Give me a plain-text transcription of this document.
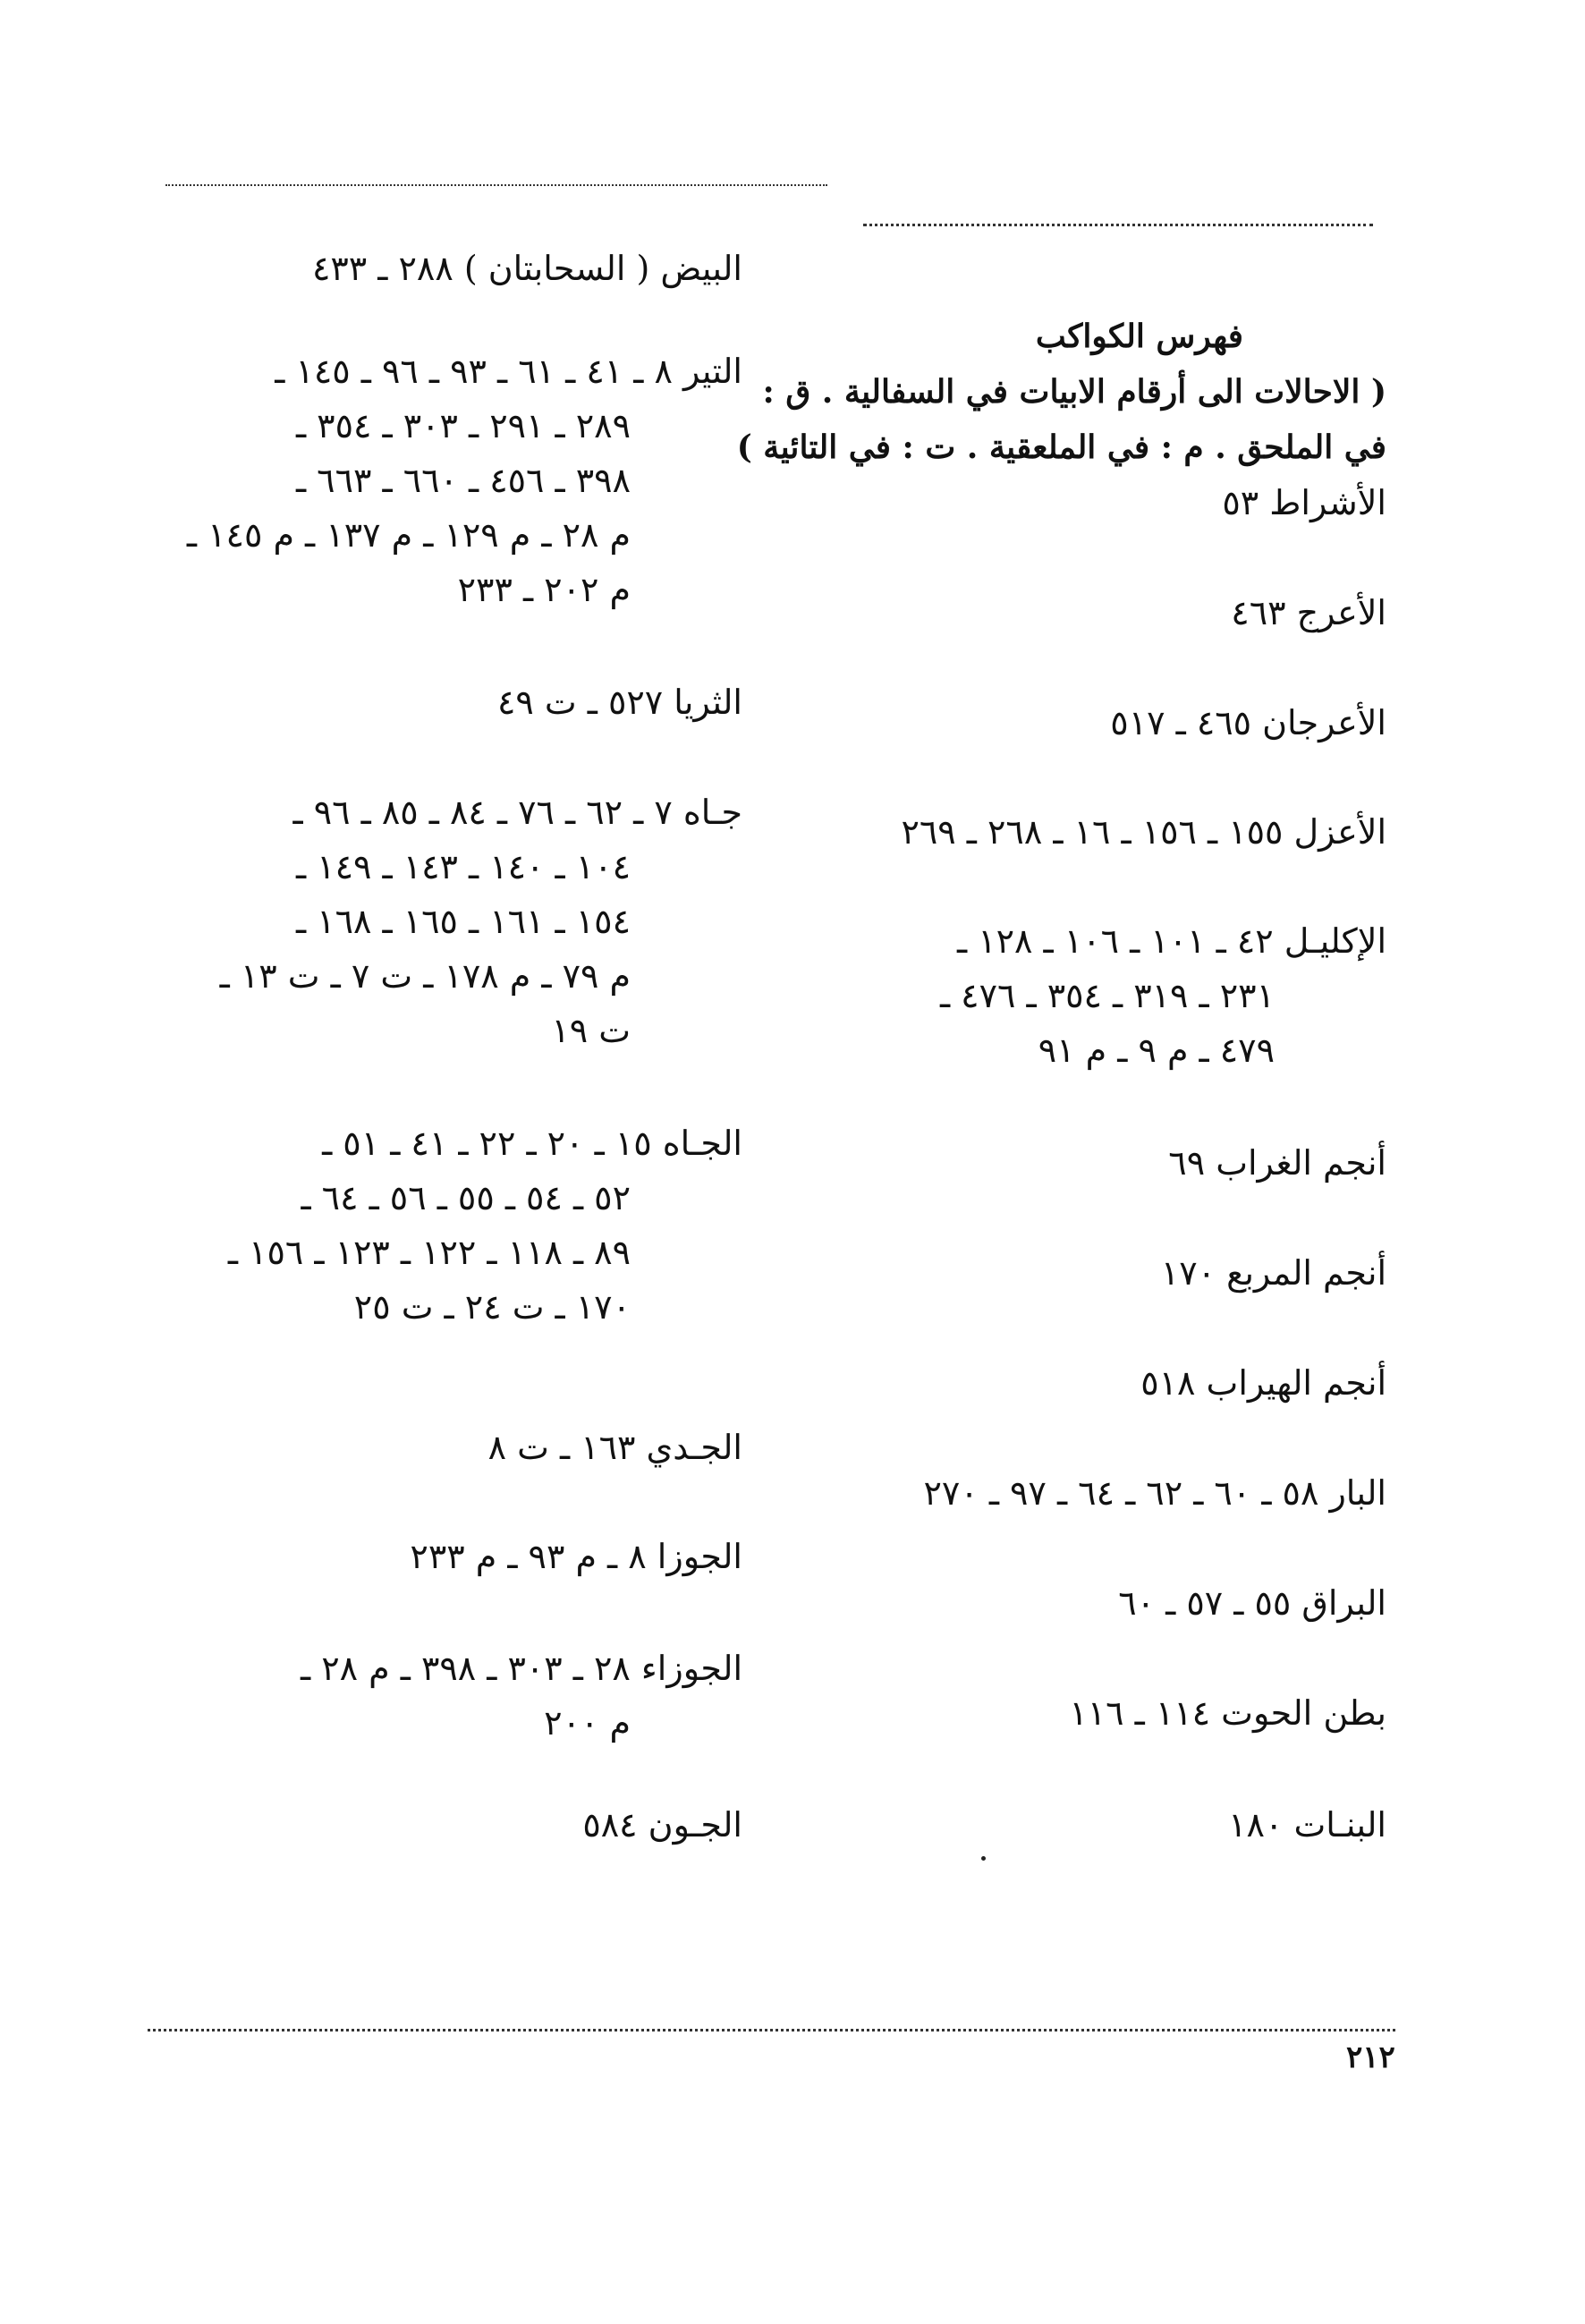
فهرس الكواكب
( الاحالات الى أرقام الابيات في السفالية . ق :
في الملحق . م : في الملعقية . ت : في التائية )
الأشراط ٥٣
الأعرج ٤٦٣
الأعرجان ٤٦٥ ـ ٥١٧
الأعزل ١٥٥ ـ ١٥٦ ـ ١٦ ـ ٢٦٨ ـ ٢٦٩
الإكليـل ٤٢ ـ ١٠١ ـ ١٠٦ ـ ١٢٨ ـ
٢٣١ ـ ٣١٩ ـ ٣٥٤ ـ ٤٧٦ ـ
٤٧٩ ـ م ٩ ـ م ٩١
أنجم الغراب ٦٩
أنجم المربع ١٧٠
أنجم الهيراب ٥١٨
البار ٥٨ ـ ٦٠ ـ ٦٢ ـ ٦٤ ـ ٩٧ ـ ٢٧٠
البراق ٥٥ ـ ٥٧ ـ ٦٠
بطن الحوت ١١٤ ـ ١١٦
البنـات ١٨٠
البيض ( السحابتان ) ٢٨٨ ـ ٤٣٣
التير ٨ ـ ٤١ ـ ٦١ ـ ٩٣ ـ ٩٦ ـ ١٤٥ ـ
٢٨٩ ـ ٢٩١ ـ ٣٠٣ ـ ٣٥٤ ـ
٣٩٨ ـ ٤٥٦ ـ ٦٦٠ ـ ٦٦٣ ـ
م ٢٨ ـ م ١٢٩ ـ م ١٣٧ ـ م ١٤٥ ـ
م ٢٠٢ ـ ٢٣٣
الثريا ٥٢٧ ـ ت ٤٩
جـاه ٧ ـ ٦٢ ـ ٧٦ ـ ٨٤ ـ ٨٥ ـ ٩٦ ـ
١٠٤ ـ ١٤٠ ـ ١٤٣ ـ ١٤٩ ـ
١٥٤ ـ ١٦١ ـ ١٦٥ ـ ١٦٨ ـ
م ٧٩ ـ م ١٧٨ ـ ت ٧ ـ ت ١٣ ـ
ت ١٩
الجـاه ١٥ ـ ٢٠ ـ ٢٢ ـ ٤١ ـ ٥١ ـ
٥٢ ـ ٥٤ ـ ٥٥ ـ ٥٦ ـ ٦٤ ـ
٨٩ ـ ١١٨ ـ ١٢٢ ـ ١٢٣ ـ ١٥٦ ـ
١٧٠ ـ ت ٢٤ ـ ت ٢٥
الجـدي ١٦٣ ـ ت ٨
الجوزا ٨ ـ م ٩٣ ـ م ٢٣٣
الجوزاء ٢٨ ـ ٣٠٣ ـ ٣٩٨ ـ م ٢٨ ـ
م ٢٠٠
الجـون ٥٨٤
٢١٢
